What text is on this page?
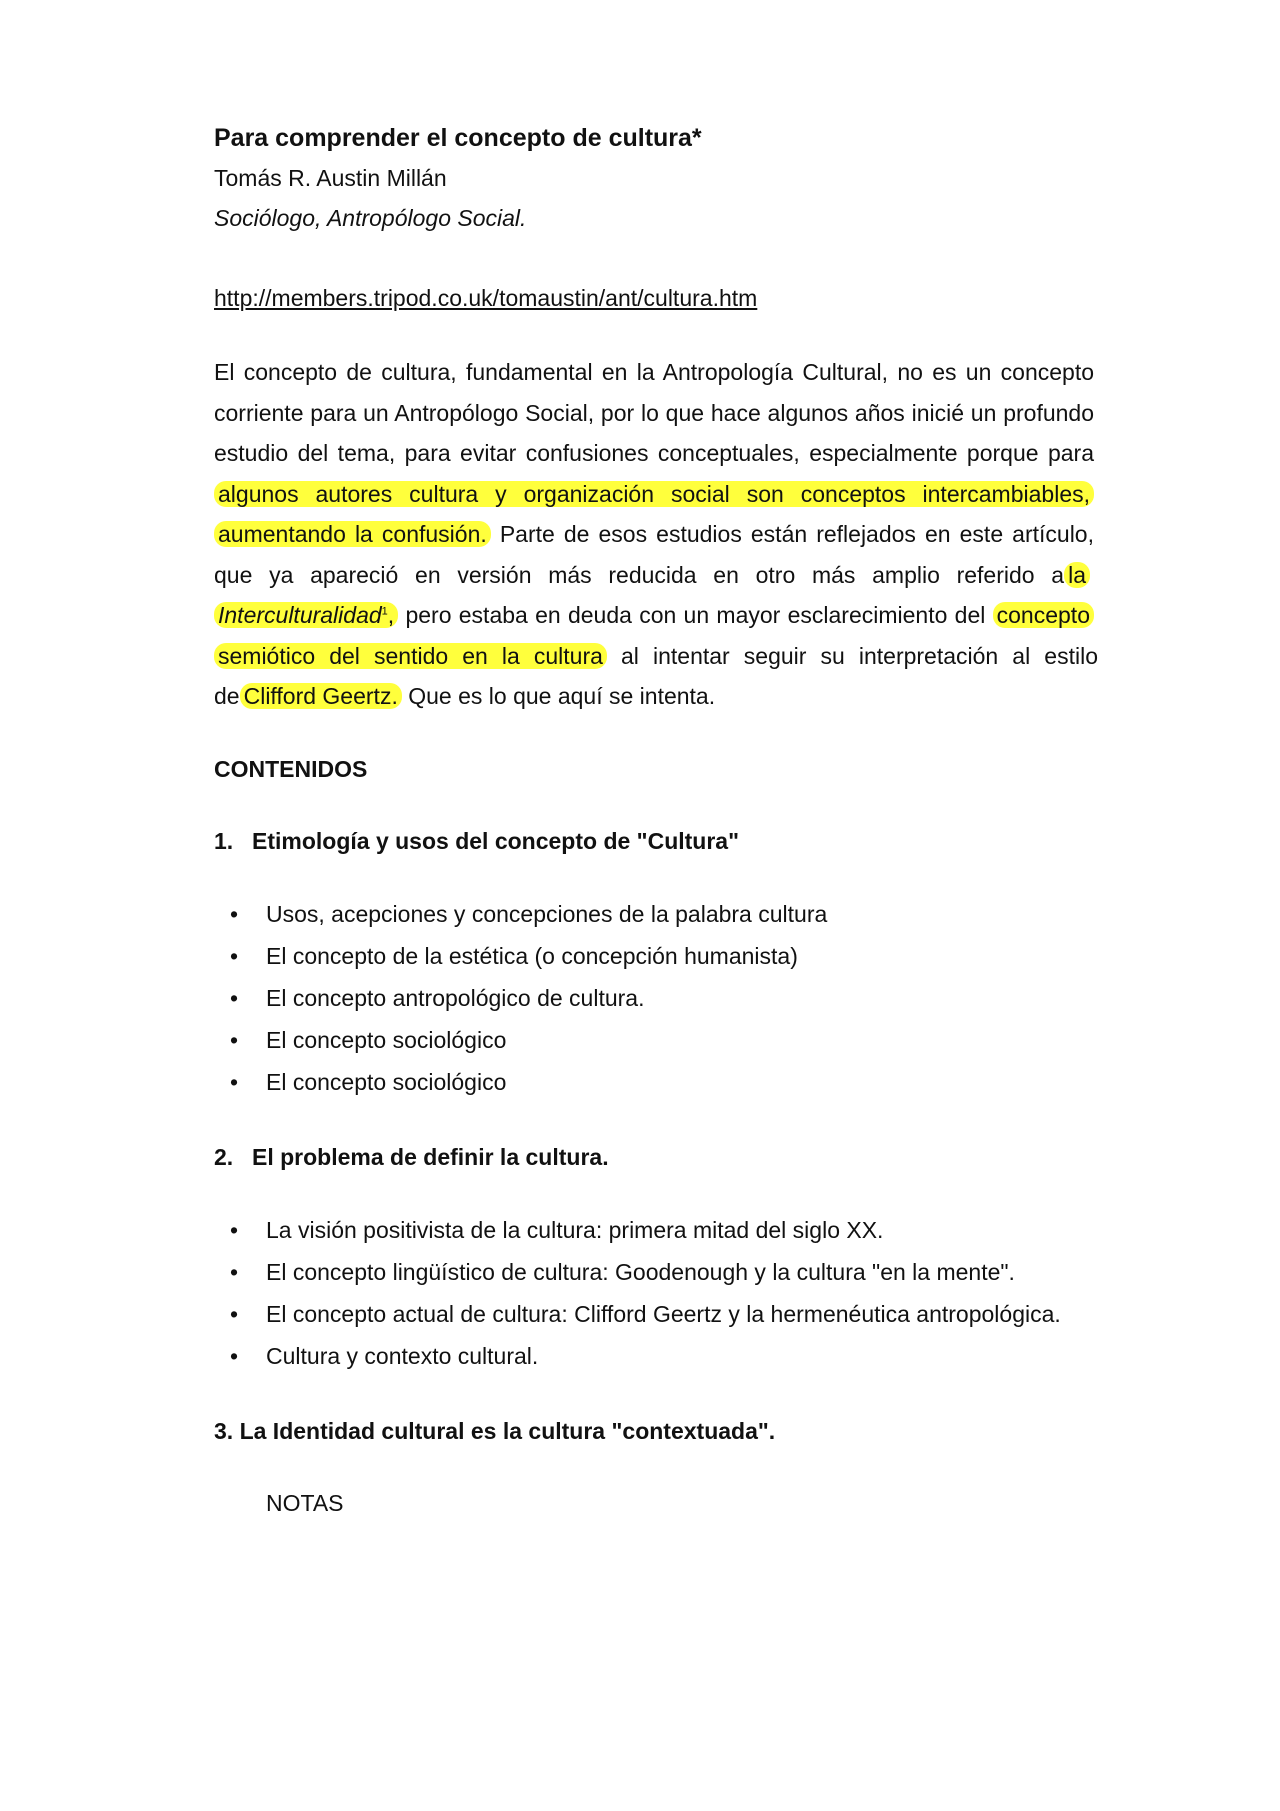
Para comprender el concepto de cultura*

Tomás R. Austin Millán

Sociólogo, Antropólogo Social.

http://members.tripod.co.uk/tomaustin/ant/cultura.htm

El concepto de cultura, fundamental en la Antropología Cultural, no es un concepto corriente para un Antropólogo Social, por lo que hace algunos años inicié un profundo estudio del tema, para evitar confusiones conceptuales, especialmente porque para algunos autores cultura y organización social son conceptos intercambiables, aumentando la confusión. Parte de esos estudios están reflejados en este artículo, que ya apareció en versión más reducida en otro más amplio referido a la Interculturalidad$^1$, pero estaba en deuda con un mayor esclarecimiento del concepto semiótico del sentido en la cultura al intentar seguir su interpretación al estilo de Clifford Geertz. Que es lo que aquí se intenta.

CONTENIDOS

1. Etimología y usos del concepto de "Cultura"

• Usos, acepciones y concepciones de la palabra cultura
• El concepto de la estética (o concepción humanista)
• El concepto antropológico de cultura.
• El concepto sociológico
• El concepto sociológico

2. El problema de definir la cultura.

• La visión positivista de la cultura: primera mitad del siglo XX.
• El concepto lingüístico de cultura: Goodenough y la cultura "en la mente".
• El concepto actual de cultura: Clifford Geertz y la hermenéutica antropológica.
• Cultura y contexto cultural.

3. La Identidad cultural es la cultura "contextuada".

NOTAS
